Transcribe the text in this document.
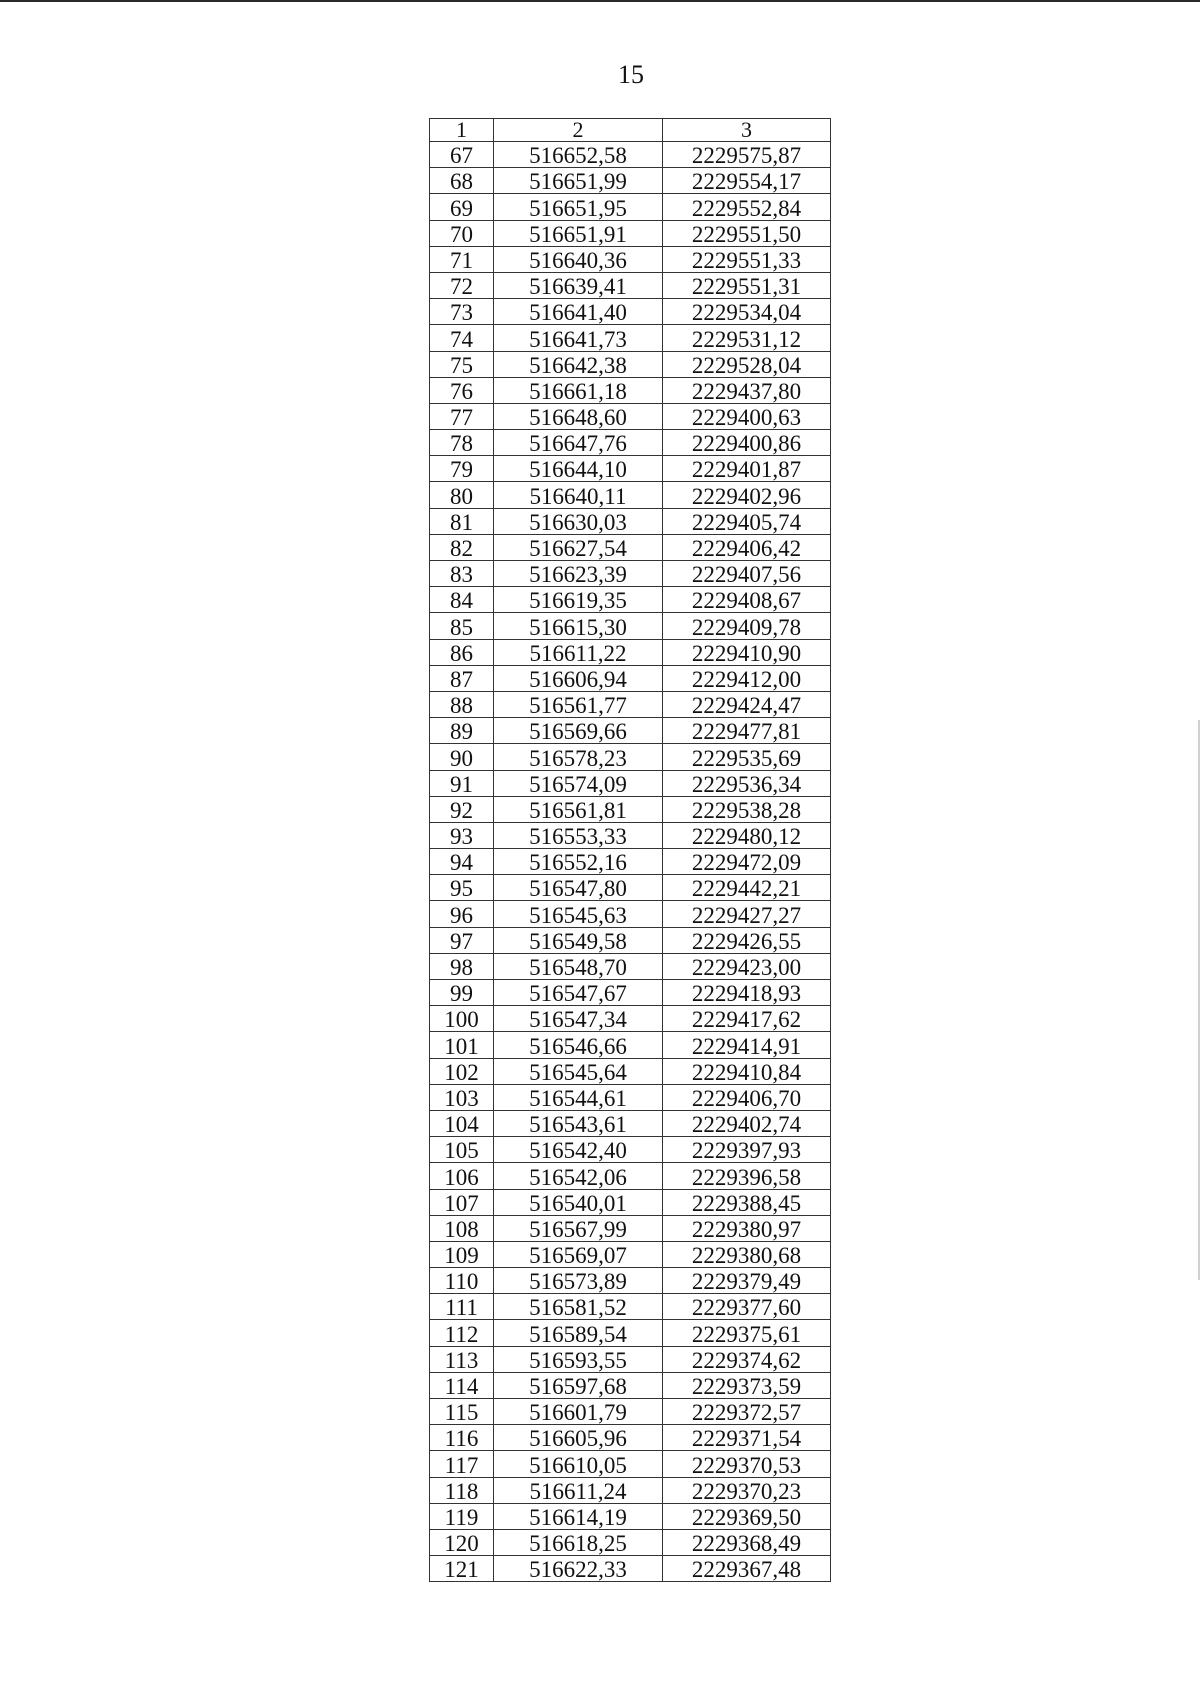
15
1	2	3
67	516652,58	2229575,87
68	516651,99	2229554,17
69	516651,95	2229552,84
70	516651,91	2229551,50
71	516640,36	2229551,33
72	516639,41	2229551,31
73	516641,40	2229534,04
74	516641,73	2229531,12
75	516642,38	2229528,04
76	516661,18	2229437,80
77	516648,60	2229400,63
78	516647,76	2229400,86
79	516644,10	2229401,87
80	516640,11	2229402,96
81	516630,03	2229405,74
82	516627,54	2229406,42
83	516623,39	2229407,56
84	516619,35	2229408,67
85	516615,30	2229409,78
86	516611,22	2229410,90
87	516606,94	2229412,00
88	516561,77	2229424,47
89	516569,66	2229477,81
90	516578,23	2229535,69
91	516574,09	2229536,34
92	516561,81	2229538,28
93	516553,33	2229480,12
94	516552,16	2229472,09
95	516547,80	2229442,21
96	516545,63	2229427,27
97	516549,58	2229426,55
98	516548,70	2229423,00
99	516547,67	2229418,93
100	516547,34	2229417,62
101	516546,66	2229414,91
102	516545,64	2229410,84
103	516544,61	2229406,70
104	516543,61	2229402,74
105	516542,40	2229397,93
106	516542,06	2229396,58
107	516540,01	2229388,45
108	516567,99	2229380,97
109	516569,07	2229380,68
110	516573,89	2229379,49
111	516581,52	2229377,60
112	516589,54	2229375,61
113	516593,55	2229374,62
114	516597,68	2229373,59
115	516601,79	2229372,57
116	516605,96	2229371,54
117	516610,05	2229370,53
118	516611,24	2229370,23
119	516614,19	2229369,50
120	516618,25	2229368,49
121	516622,33	2229367,48
